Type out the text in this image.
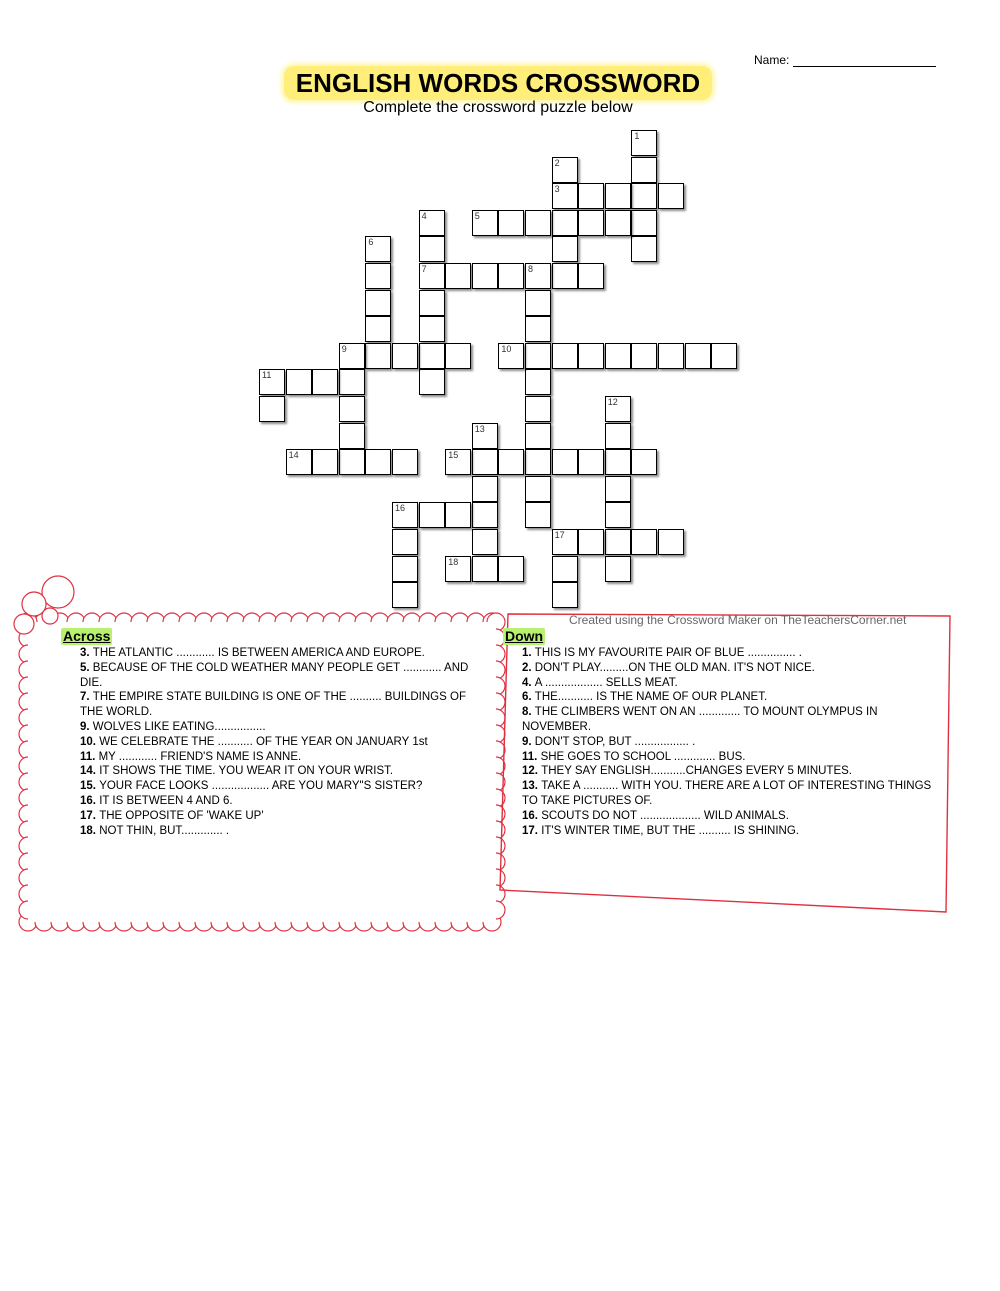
Name:
ENGLISH WORDS CROSSWORD
Complete the crossword puzzle below
1
2
3
4
7
5
6
8
9	10
11
12
13
14	15
16
17
18
Created using the Crossword Maker on TheTeachersCorner.net
Across	Down
3. THE ATLANTIC ............ IS BETWEEN AMERICA AND EUROPE.
5. BECAUSE OF THE COLD WEATHER MANY PEOPLE GET ............ AND DIE.
7. THE EMPIRE STATE BUILDING IS ONE OF THE .......... BUILDINGS OF THE WORLD.
9. WOLVES LIKE EATING................
10. WE CELEBRATE THE ........... OF THE YEAR ON JANUARY 1st
11. MY ............ FRIEND'S NAME IS ANNE.
14. IT SHOWS THE TIME. YOU WEAR IT ON YOUR WRIST.
15. YOUR FACE LOOKS .................. ARE YOU MARY"S SISTER?
16. IT IS BETWEEN 4 AND 6.
17. THE OPPOSITE OF 'WAKE UP'
18. NOT THIN, BUT............. .
1. THIS IS MY FAVOURITE PAIR OF BLUE ............... .
2. DON'T PLAY.........ON THE OLD MAN. IT'S NOT NICE.
4. A .................. SELLS MEAT.
6. THE........... IS THE NAME OF OUR PLANET.
8. THE CLIMBERS WENT ON AN ............. TO MOUNT OLYMPUS IN NOVEMBER.
9. DON'T STOP, BUT ................. .
11. SHE GOES TO SCHOOL ............. BUS.
12. THEY SAY ENGLISH...........CHANGES EVERY 5 MINUTES.
13. TAKE A ........... WITH YOU. THERE ARE A LOT OF INTERESTING THINGS TO TAKE PICTURES OF.
16. SCOUTS DO NOT ................... WILD ANIMALS.
17. IT'S WINTER TIME, BUT THE .......... IS SHINING.
